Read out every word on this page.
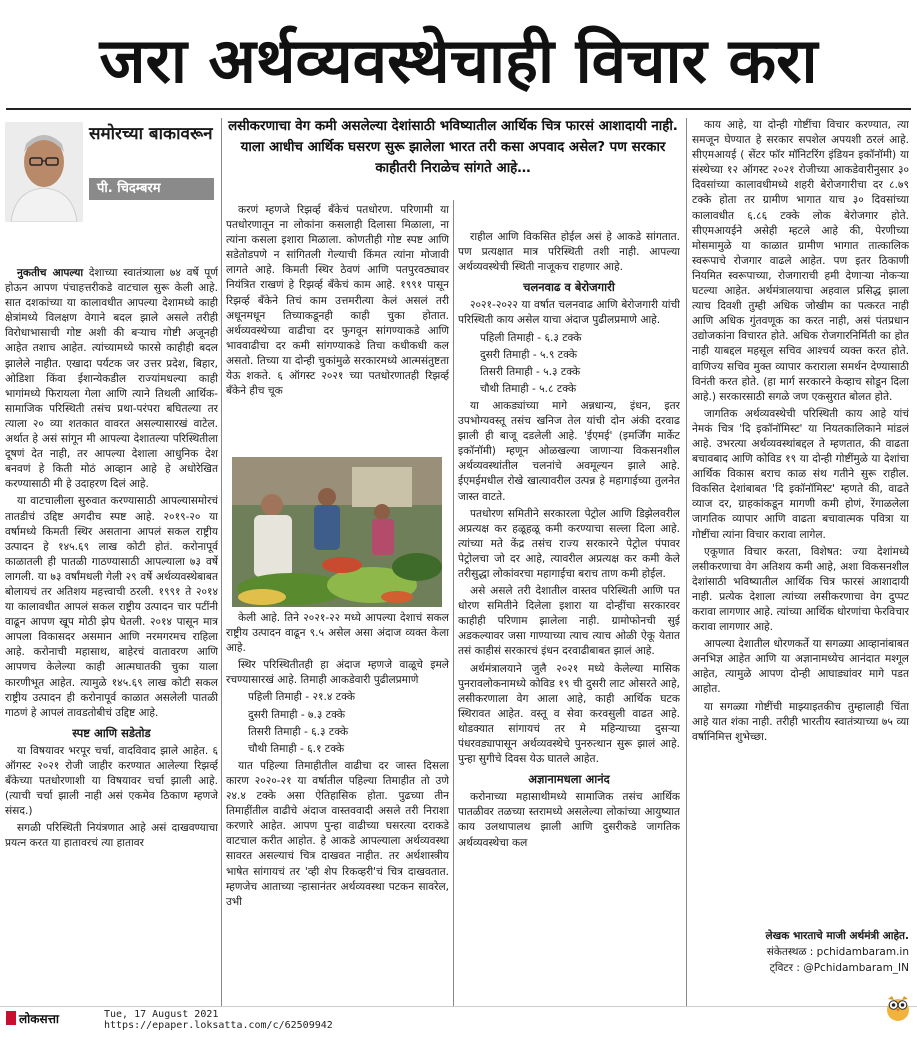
जरा अर्थव्यवस्थेचाही विचार करा
समोरच्या बाकावरून
पी. चिदम्बरम
लसीकरणाचा वेग कमी असलेल्या देशांसाठी भविष्यातील आर्थिक चित्र फारसं आशादायी नाही. याला आधीच आर्थिक घसरण सुरू झालेला भारत तरी कसा अपवाद असेल? पण सरकार काहीतरी निराळेच सांगते आहे…

नुकतीच आपल्या देशाच्या स्वातंत्र्याला ७४ वर्षे पूर्ण होऊन आपण पंचाहत्तरीकडे वाटचाल सुरू केली आहे. सात दशकांच्या या कालावधीत आपल्या देशामध्ये काही क्षेत्रांमध्ये विलक्षण वेगाने बदल झाले असले तरीही विरोधाभासाची गोष्ट अशी की बऱ्याच गोष्टी अजूनही आहेत तशाच आहेत. त्यांच्यामध्ये फारसे काहीही बदल झालेले नाहीत. एखादा पर्यटक जर उत्तर प्रदेश, बिहार, ओडिशा किंवा ईशान्येकडील राज्यांमधल्या काही भागांमध्ये फिरायला गेला आणि त्याने तिथली आर्थिक-सामाजिक परिस्थिती तसंच प्रथा-परंपरा बघितल्या तर त्याला २० व्या शतकात वावरत असल्यासारखं वाटेल. अर्थात हे असं सांगून मी आपल्या देशातल्या परिस्थितीला दूषणं देत नाही, तर आपल्या देशाला आधुनिक देश बनवणं हे किती मोठं आव्हान आहे हे अधोरेखित करण्यासाठी मी हे उदाहरण दिलं आहे.

या वाटचालीला सुरुवात करण्यासाठी आपल्यासमोरचं तातडीचं उद्दिष्ट अगदीच स्पष्ट आहे. २०१९-२० या वर्षामध्ये किमती स्थिर असताना आपलं सकल राष्ट्रीय उत्पादन हे १४५.६९ लाख कोटी होतं. करोनापूर्व काळातली ही पातळी गाठण्यासाठी आपल्याला ७३ वर्षे लागली. या ७३ वर्षांमधली गेली २९ वर्षे अर्थव्यवस्थेबाबत बोलायचं तर अतिशय महत्त्वाची ठरली. १९९१ ते २०१४ या कालावधीत आपलं सकल राष्ट्रीय उत्पादन चार पटींनी वाढून आपण खूप मोठी झेप घेतली. २०१४ पासून मात्र आपला विकासदर असमान आणि नरमगरमच राहिला आहे. करोनाची महासाथ, बाहेरचं वातावरण आणि आपणच केलेल्या काही आत्मघातकी चुका याला कारणीभूत आहेत. त्यामुळे १४५.६९ लाख कोटी सकल राष्ट्रीय उत्पादन ही करोनापूर्व काळात असलेली पातळी गाठणं हे आपलं तावडतोबीचं उद्दिष्ट आहे.

स्पष्ट आणि सडेतोड

या विषयावर भरपूर चर्चा, वादविवाद झाले आहेत. ६ ऑगस्ट २०२१ रोजी जाहीर करण्यात आलेल्या रिझर्व्ह बँकेच्या पतधोरणाशी या विषयावर चर्चा झाली आहे. (त्याची चर्चा झाली नाही असं एकमेव ठिकाण म्हणजे संसद.)

सगळी परिस्थिती नियंत्रणात आहे असं दाखवण्याचा प्रयत्न करत या हातावरचं त्या हातावर

करणं म्हणजे रिझर्व्ह बँकेचं पतधोरण. परिणामी या पतधोरणातून ना लोकांना कसलाही दिलासा मिळाला, ना त्यांना कसला इशारा मिळाला. कोणतीही गोष्ट स्पष्ट आणि सडेतोडपणे न सांगितली गेल्याची किंमत त्यांना मोजावी लागते आहे. किमती स्थिर ठेवणं आणि पतपुरवठ्यावर नियंत्रित राखणं हे रिझर्व्ह बँकेचं काम आहे. १९९१ पासून रिझर्व्ह बँकेने तिचं काम उत्तमरीत्या केलं असलं तरी अधूनमधून तिच्याकडूनही काही चुका होतात. अर्थव्यवस्थेच्या वाढीचा दर फुगवून सांगण्याकडे आणि भाववाढीचा दर कमी सांगण्याकडे तिचा कधीकधी कल असतो. तिच्या या दोन्ही चुकांमुळे सरकारमध्ये आत्मसंतुष्टता येऊ शकते. ६ ऑगस्ट २०२१ च्या पतधोरणातही रिझर्व्ह बँकेने हीच चूक

केली आहे. तिने २०२१-२२ मध्ये आपल्या देशाचं सकल राष्ट्रीय उत्पादन वाढून ९.५ असेल असा अंदाज व्यक्त केला आहे.

स्थिर परिस्थितीतही हा अंदाज म्हणजे वाळूचे इमले रचण्यासारखं आहे. तिमाही आकडेवारी पुढीलप्रमाणे

पहिली तिमाही - २१.४ टक्के

दुसरी तिमाही - ७.३ टक्के

तिसरी तिमाही - ६.३ टक्के

चौथी तिमाही - ६.१ टक्के

यात पहिल्या तिमाहीतील वाढीचा दर जास्त दिसला कारण २०२०-२१ या वर्षातील पहिल्या तिमाहीत तो उणे २४.४ टक्के असा ऐतिहासिक होता. पुढच्या तीन तिमाहींतील वाढीचे अंदाज वास्तववादी असले तरी निराशा करणारे आहेत. आपण पुन्हा वाढीच्या घसरत्या दराकडे वाटचाल करीत आहोत. हे आकडे आपल्याला अर्थव्यवस्था सावरत असल्याचं चित्र दाखवत नाहीत. तर अर्थशास्त्रीय भाषेत सांगायचं तर 'व्ही शेप रिकव्हरी'चं चित्र दाखवतात. म्हणजेच आताच्या ऱ्हासानंतर अर्थव्यवस्था पटकन सावरेल, उभी

राहील आणि विकसित होईल असं हे आकडे सांगतात. पण प्रत्यक्षात मात्र परिस्थिती तशी नाही. आपल्या अर्थव्यवस्थेची स्थिती नाजूकच राहणार आहे.

चलनवाढ व बेरोजगारी

२०२१-२०२२ या वर्षात चलनवाढ आणि बेरोजगारी यांची परिस्थिती काय असेल याचा अंदाज पुढीलप्रमाणे आहे.

पहिली तिमाही - ६.३ टक्के

दुसरी तिमाही - ५.९ टक्के

तिसरी तिमाही - ५.३ टक्के

चौथी तिमाही - ५.८ टक्के

या आकड्यांच्या मागे अन्नधान्य, इंधन, इतर उपभोग्यवस्तू तसंच खनिज तेल यांची दोन अंकी दरवाढ झाली ही बाजू दडलेली आहे. 'ईएमई' (इमर्जिंग मार्केट इकॉनॉमी) म्हणून ओळखल्या जाणाऱ्या विकसनशील अर्थव्यवस्थांतील चलनांचे अवमूल्यन झाले आहे. ईएमईमधील रोखे खात्यावरील उत्पन्न हे महागाईच्या तुलनेत जास्त वाटते.

पतधोरण समितीने सरकारला पेट्रोल आणि डिझेलवरील अप्रत्यक्ष कर हळूहळू कमी करण्याचा सल्ला दिला आहे. त्यांच्या मते केंद्र तसंच राज्य सरकारने पेट्रोल पंपावर पेट्रोलचा जो दर आहे, त्यावरील अप्रत्यक्ष कर कमी केले तरीसुद्धा लोकांवरचा महागाईचा बराच ताण कमी होईल.

असे असले तरी देशातील वास्तव परिस्थिती आणि पत धोरण समितीने दिलेला इशारा या दोन्हींचा सरकारवर काहीही परिणाम झालेला नाही. ग्रामोफोनची सुई अडकल्यावर जसा गाण्याच्या त्याच त्याच ओळी ऐकू येतात तसं काहीसं सरकारचं इंधन दरवाढीबाबत झालं आहे.

अर्थमंत्रालयाने जुलै २०२१ मध्ये केलेल्या मासिक पुनरावलोकनामध्ये कोविड १९ ची दुसरी लाट ओसरते आहे, लसीकरणाला वेग आला आहे, काही आर्थिक घटक स्थिरावत आहेत. वस्तू व सेवा करवसुली वाढत आहे. थोडक्यात सांगायचं तर मे महिन्याच्या दुसऱ्या पंधरवड्यापासून अर्थव्यवस्थेचे पुनरुत्थान सुरू झालं आहे. पुन्हा सुगीचे दिवस येऊ घातले आहेत.

अज्ञानामधला आनंद

करोनाच्या महासाथीमध्ये सामाजिक तसंच आर्थिक पातळीवर तळच्या स्तरामध्ये असलेल्या लोकांच्या आयुष्यात काय उलथापालथ झाली आणि दुसरीकडे जागतिक अर्थव्यवस्थेचा कल

काय आहे, या दोन्ही गोष्टींचा विचार करण्यात, त्या समजून घेण्यात हे सरकार सपशेल अपयशी ठरलं आहे. सीएमआयई ( सेंटर फॉर मॉनिटरिंग इंडियन इकॉनॉमी) या संस्थेच्या १२ ऑगस्ट २०२१ रोजीच्या आकडेवारीनुसार ३० दिवसांच्या कालावधीमध्ये शहरी बेरोजगारीचा दर ८.७९ टक्के होता तर ग्रामीण भागात याच ३० दिवसांच्या कालावधीत ६.८६ टक्के लोक बेरोजगार होते. सीएमआयईने असेही म्हटले आहे की, पेरणीच्या मोसमामुळे या काळात ग्रामीण भागात तात्कालिक स्वरूपाचे रोजगार वाढले आहेत. पण इतर ठिकाणी नियमित स्वरूपाच्या, रोजगाराची हमी देणाऱ्या नोकऱ्या घटल्या आहेत. अर्थमंत्रालयाचा अहवाल प्रसिद्ध झाला त्याच दिवशी तुम्ही अधिक जोखीम का पत्करत नाही आणि अधिक गुंतवणूक का करत नाही, असं पंतप्रधान उद्योजकांना विचारत होते. अधिक रोजगारनिर्मिती का होत नाही याबद्दल महसूल सचिव आश्चर्य व्यक्त करत होते. वाणिज्य सचिव मुक्त व्यापार कराराला समर्थन देण्यासाठी विनंती करत होते. (हा मार्ग सरकारने केव्हाच सोडून दिला आहे.) सरकारसाठी सगळे जण एकसुरात बोलत होते.

जागतिक अर्थव्यवस्थेची परिस्थिती काय आहे यांचं नेमकं चित्र 'दि इकॉनॉमिस्ट' या नियतकालिकाने मांडलं आहे. उभरत्या अर्थव्यवस्थांबद्दल ते म्हणतात, की वाढता बचावबाद आणि कोविड १९ या दोन्ही गोष्टींमुळे या देशांचा आर्थिक विकास बराच काळ संथ गतीने सुरू राहील. विकसित देशांबाबत 'दि इकॉनॉमिस्ट' म्हणते की, वाढते व्याज दर, ग्राहकांकडून मागणी कमी होणं, रेंगाळलेला जागतिक व्यापार आणि वाढता बचावात्मक पवित्रा या गोष्टींचा त्यांना विचार करावा लागेल.

एकूणात विचार करता, विशेषत: ज्या देशांमध्ये लसीकरणाचा वेग अतिशय कमी आहे, अशा विकसनशील देशांसाठी भविष्यातील आर्थिक चित्र फारसं आशादायी नाही. प्रत्येक देशाला त्यांच्या लसीकरणाचा वेग दुप्पट करावा लागणार आहे. त्यांच्या आर्थिक धोरणांचा फेरविचार करावा लागणार आहे.

आपल्या देशातील धोरणकर्ते या सगळ्या आव्हानांबाबत अनभिज्ञ आहेत आणि या अज्ञानामध्येच आनंदात मश्गूल आहेत, त्यामुळे आपण दोन्ही आघाड्यांवर मागे पडत आहोत.

या सगळ्या गोष्टींची माझ्याइतकीच तुम्हालाही चिंता आहे यात शंका नाही. तरीही भारतीय स्वातंत्र्याच्या ७५ व्या वर्षानिमित्त शुभेच्छा.

लेखक भारताचे माजी अर्थमंत्री आहेत.
संकेतस्थळ : pchidambaram.in
ट्विटर : @Pchidambaram_IN
लोकसत्ता	Tue, 17 August 2021
https://epaper.loksatta.com/c/62509942
